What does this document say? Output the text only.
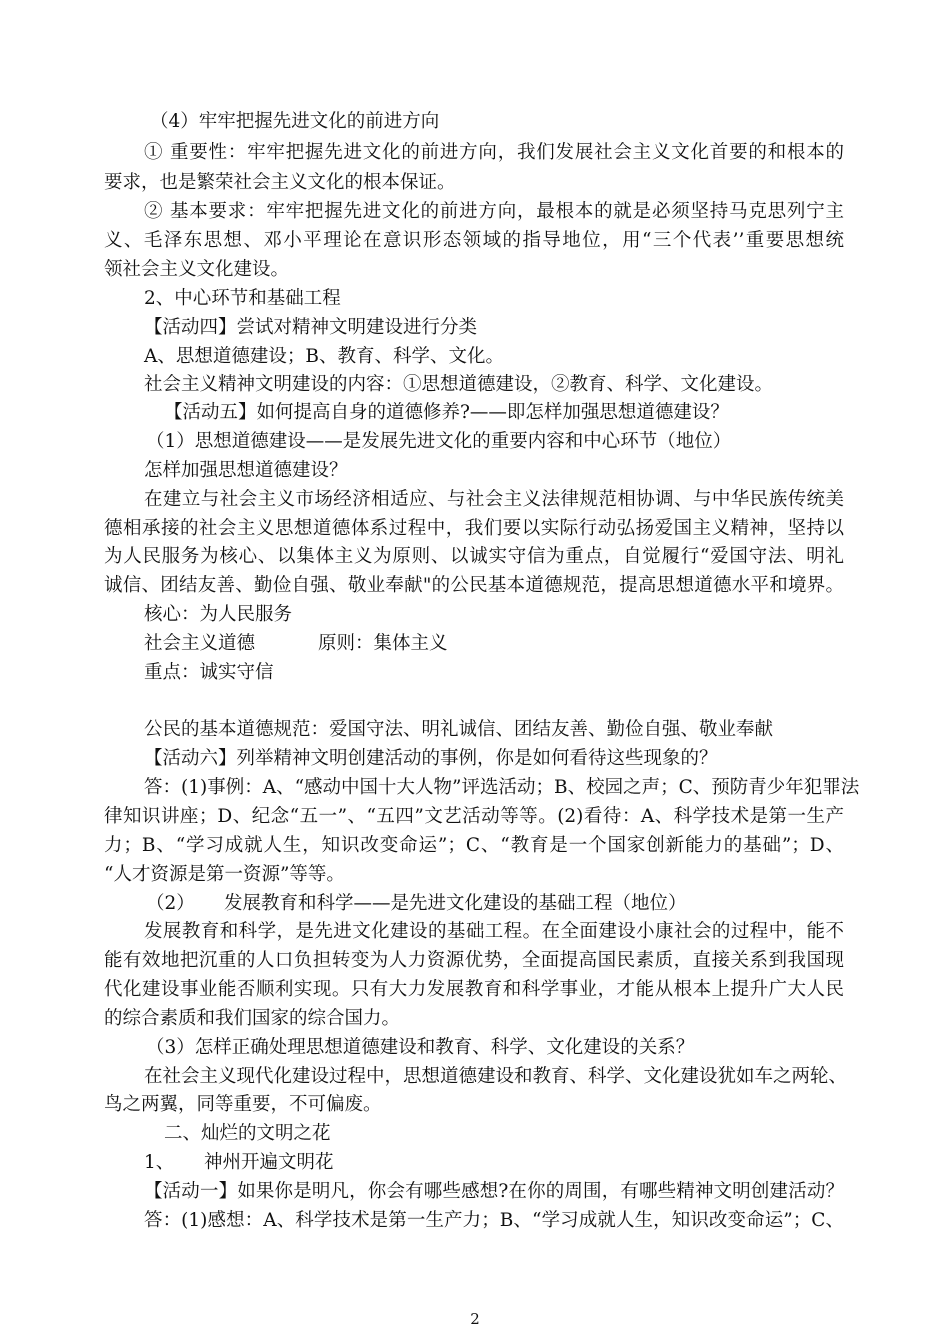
（4）牢牢把握先进文化的前进方向
① 重要性：牢牢把握先进文化的前进方向，我们发展社会主义文化首要的和根本的
要求，也是繁荣社会主义文化的根本保证。
② 基本要求：牢牢把握先进文化的前进方向，最根本的就是必须坚持马克思列宁主
义、毛泽东思想、邓小平理论在意识形态领域的指导地位，用“三个代表’’重要思想统
领社会主义文化建设。
2、中心环节和基础工程
【活动四】尝试对精神文明建设进行分类
A、思想道德建设；B、教育、科学、文化。
社会主义精神文明建设的内容：①思想道德建设，②教育、科学、文化建设。
【活动五】如何提高自身的道德修养?——即怎样加强思想道德建设？
（1）思想道德建设——是发展先进文化的重要内容和中心环节（地位）
怎样加强思想道德建设？
在建立与社会主义市场经济相适应、与社会主义法律规范相协调、与中华民族传统美
德相承接的社会主义思想道德体系过程中，我们要以实际行动弘扬爱国主义精神，坚持以
为人民服务为核心、以集体主义为原则、以诚实守信为重点，自觉履行“爱国守法、明礼
诚信、团结友善、勤俭自强、敬业奉献"的公民基本道德规范，提高思想道德水平和境界。
核心：为人民服务
社会主义道德	原则：集体主义
重点：诚实守信
公民的基本道德规范：爱国守法、明礼诚信、团结友善、勤俭自强、敬业奉献
【活动六】列举精神文明创建活动的事例，你是如何看待这些现象的？
答：(1)事例：A、“感动中国十大人物”评选活动；B、校园之声；C、预防青少年犯罪法
律知识讲座；D、纪念“五一”、“五四”文艺活动等等。(2)看待：A、科学技术是第一生产
力；B、“学习成就人生，知识改变命运”；C、“教育是一个国家创新能力的基础”；D、
“人才资源是第一资源”等等。
（2） 发展教育和科学——是先进文化建设的基础工程（地位）
发展教育和科学，是先进文化建设的基础工程。在全面建设小康社会的过程中，能不
能有效地把沉重的人口负担转变为人力资源优势，全面提高国民素质，直接关系到我国现
代化建设事业能否顺利实现。只有大力发展教育和科学事业，才能从根本上提升广大人民
的综合素质和我们国家的综合国力。
（3）怎样正确处理思想道德建设和教育、科学、文化建设的关系？
在社会主义现代化建设过程中，思想道德建设和教育、科学、文化建设犹如车之两轮、
鸟之两翼，同等重要，不可偏废。
二、灿烂的文明之花
1、 神州开遍文明花
【活动一】如果你是明凡，你会有哪些感想?在你的周围，有哪些精神文明创建活动？
答：(1)感想：A、科学技术是第一生产力；B、“学习成就人生，知识改变命运”；C、
2
